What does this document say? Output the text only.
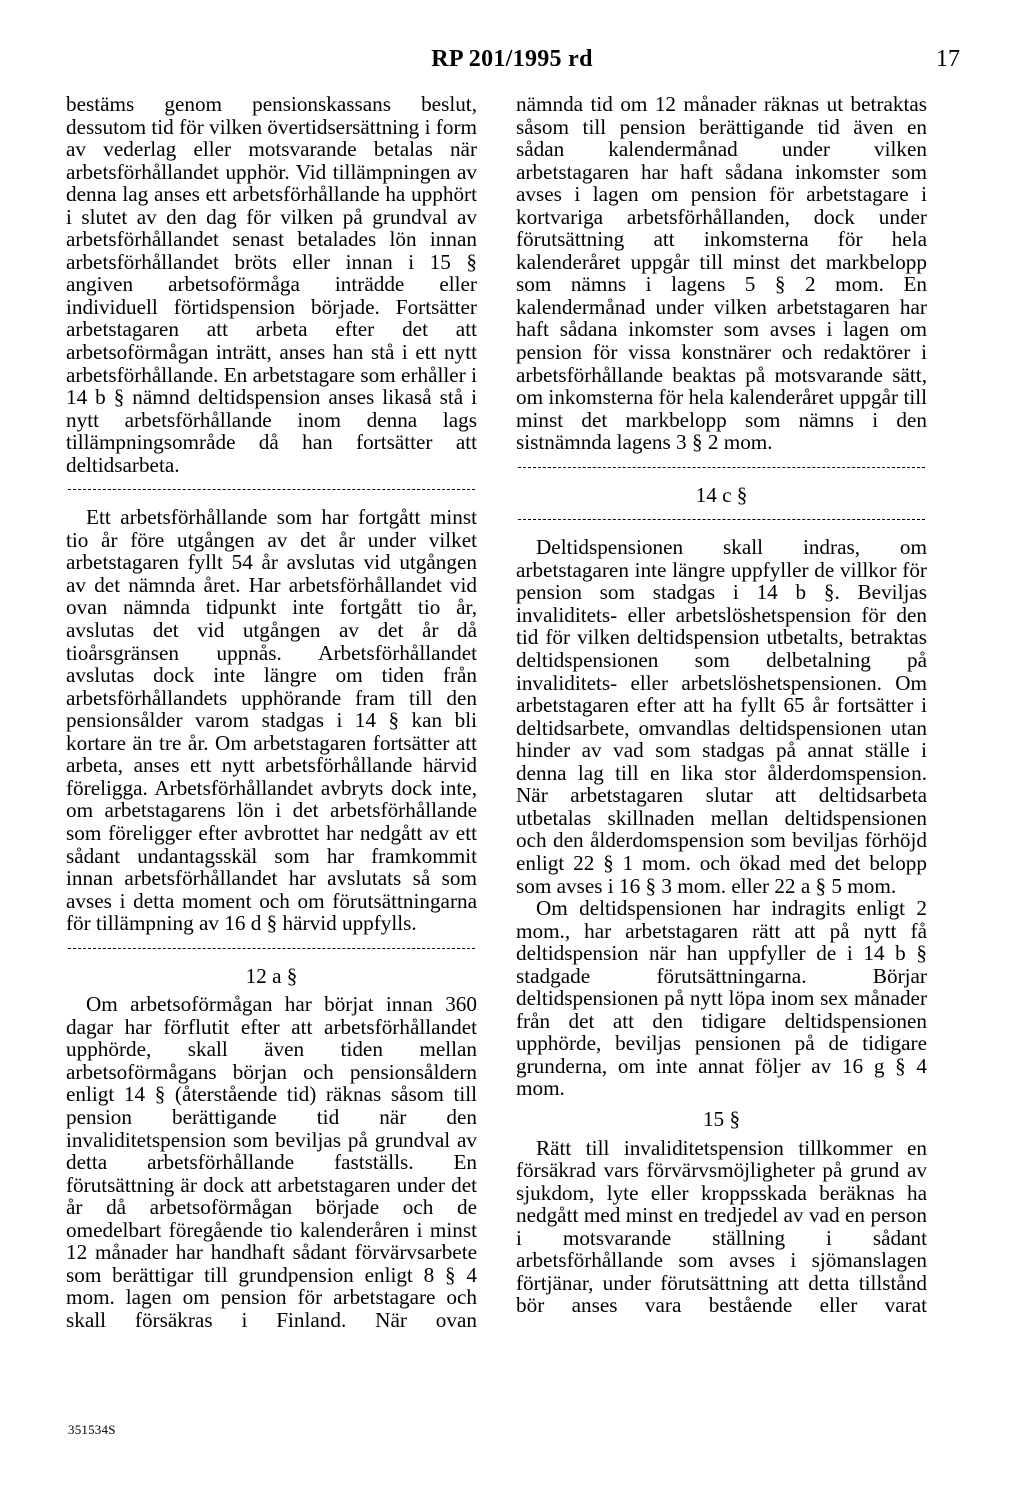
RP 201/1995 rd	17

bestäms genom pensionskassans beslut, dessutom tid för vilken övertidsersättning i form av vederlag eller motsvarande betalas när arbetsförhållandet upphör. Vid tillämpningen av denna lag anses ett arbetsförhållande ha upphört i slutet av den dag för vilken på grundval av arbetsförhållandet senast betalades lön innan arbetsförhållandet bröts eller innan i 15 § angiven arbetsoförmåga inträdde eller individuell förtidspension började. Fortsätter arbetstagaren att arbeta efter det att arbetsoförmågan inträtt, anses han stå i ett nytt arbetsförhållande. En arbetstagare som erhåller i 14 b § nämnd deltidspension anses likaså stå i nytt arbetsförhållande inom denna lags tillämpningsområde då han fortsätter att deltidsarbeta.

Ett arbetsförhållande som har fortgått minst tio år före utgången av det år under vilket arbetstagaren fyllt 54 år avslutas vid utgången av det nämnda året. Har arbetsförhållandet vid ovan nämnda tidpunkt inte fortgått tio år, avslutas det vid utgången av det år då tioårsgränsen uppnås. Arbetsförhållandet avslutas dock inte längre om tiden från arbetsförhållandets upphörande fram till den pensionsålder varom stadgas i 14 § kan bli kortare än tre år. Om arbetstagaren fortsätter att arbeta, anses ett nytt arbetsförhållande härvid föreligga. Arbetsförhållandet avbryts dock inte, om arbetstagarens lön i det arbetsförhållande som föreligger efter avbrottet har nedgått av ett sådant undantagsskäl som har framkommit innan arbetsförhållandet har avslutats så som avses i detta moment och om förutsättningarna för tillämpning av 16 d § härvid uppfylls.

12 a §

Om arbetsoförmågan har börjat innan 360 dagar har förflutit efter att arbetsförhållandet upphörde, skall även tiden mellan arbetsoförmågans början och pensionsåldern enligt 14 § (återstående tid) räknas såsom till pension berättigande tid när den invaliditetspension som beviljas på grundval av detta arbetsförhållande fastställs. En förutsättning är dock att arbetstagaren under det år då arbetsoförmågan började och de omedelbart föregående tio kalenderåren i minst 12 månader har handhaft sådant förvärvsarbete som berättigar till grundpension enligt 8 § 4 mom. lagen om pension för arbetstagare och skall försäkras i Finland. När ovan

nämnda tid om 12 månader räknas ut betraktas såsom till pension berättigande tid även en sådan kalendermånad under vilken arbetstagaren har haft sådana inkomster som avses i lagen om pension för arbetstagare i kortvariga arbetsförhållanden, dock under förutsättning att inkomsterna för hela kalenderåret uppgår till minst det markbelopp som nämns i lagens 5 § 2 mom. En kalendermånad under vilken arbetstagaren har haft sådana inkomster som avses i lagen om pension för vissa konstnärer och redaktörer i arbetsförhållande beaktas på motsvarande sätt, om inkomsterna för hela kalenderåret uppgår till minst det markbelopp som nämns i den sistnämnda lagens 3 § 2 mom.

14 c §

Deltidspensionen skall indras, om arbetstagaren inte längre uppfyller de villkor för pension som stadgas i 14 b §. Beviljas invaliditets- eller arbetslöshetspension för den tid för vilken deltidspension utbetalts, betraktas deltidspensionen som delbetalning på invaliditets- eller arbetslöshetspensionen. Om arbetstagaren efter att ha fyllt 65 år fortsätter i deltidsarbete, omvandlas deltidspensionen utan hinder av vad som stadgas på annat ställe i denna lag till en lika stor ålderdomspension. När arbetstagaren slutar att deltidsarbeta utbetalas skillnaden mellan deltidspensionen och den ålderdomspension som beviljas förhöjd enligt 22 § 1 mom. och ökad med det belopp som avses i 16 § 3 mom. eller 22 a § 5 mom.

Om deltidspensionen har indragits enligt 2 mom., har arbetstagaren rätt att på nytt få deltidspension när han uppfyller de i 14 b § stadgade förutsättningarna. Börjar deltidspensionen på nytt löpa inom sex månader från det att den tidigare deltidspensionen upphörde, beviljas pensionen på de tidigare grunderna, om inte annat följer av 16 g § 4 mom.

15 §

Rätt till invaliditetspension tillkommer en försäkrad vars förvärvsmöjligheter på grund av sjukdom, lyte eller kroppsskada beräknas ha nedgått med minst en tredjedel av vad en person i motsvarande ställning i sådant arbetsförhållande som avses i sjömanslagen förtjänar, under förutsättning att detta tillstånd bör anses vara bestående eller varat

351534S
